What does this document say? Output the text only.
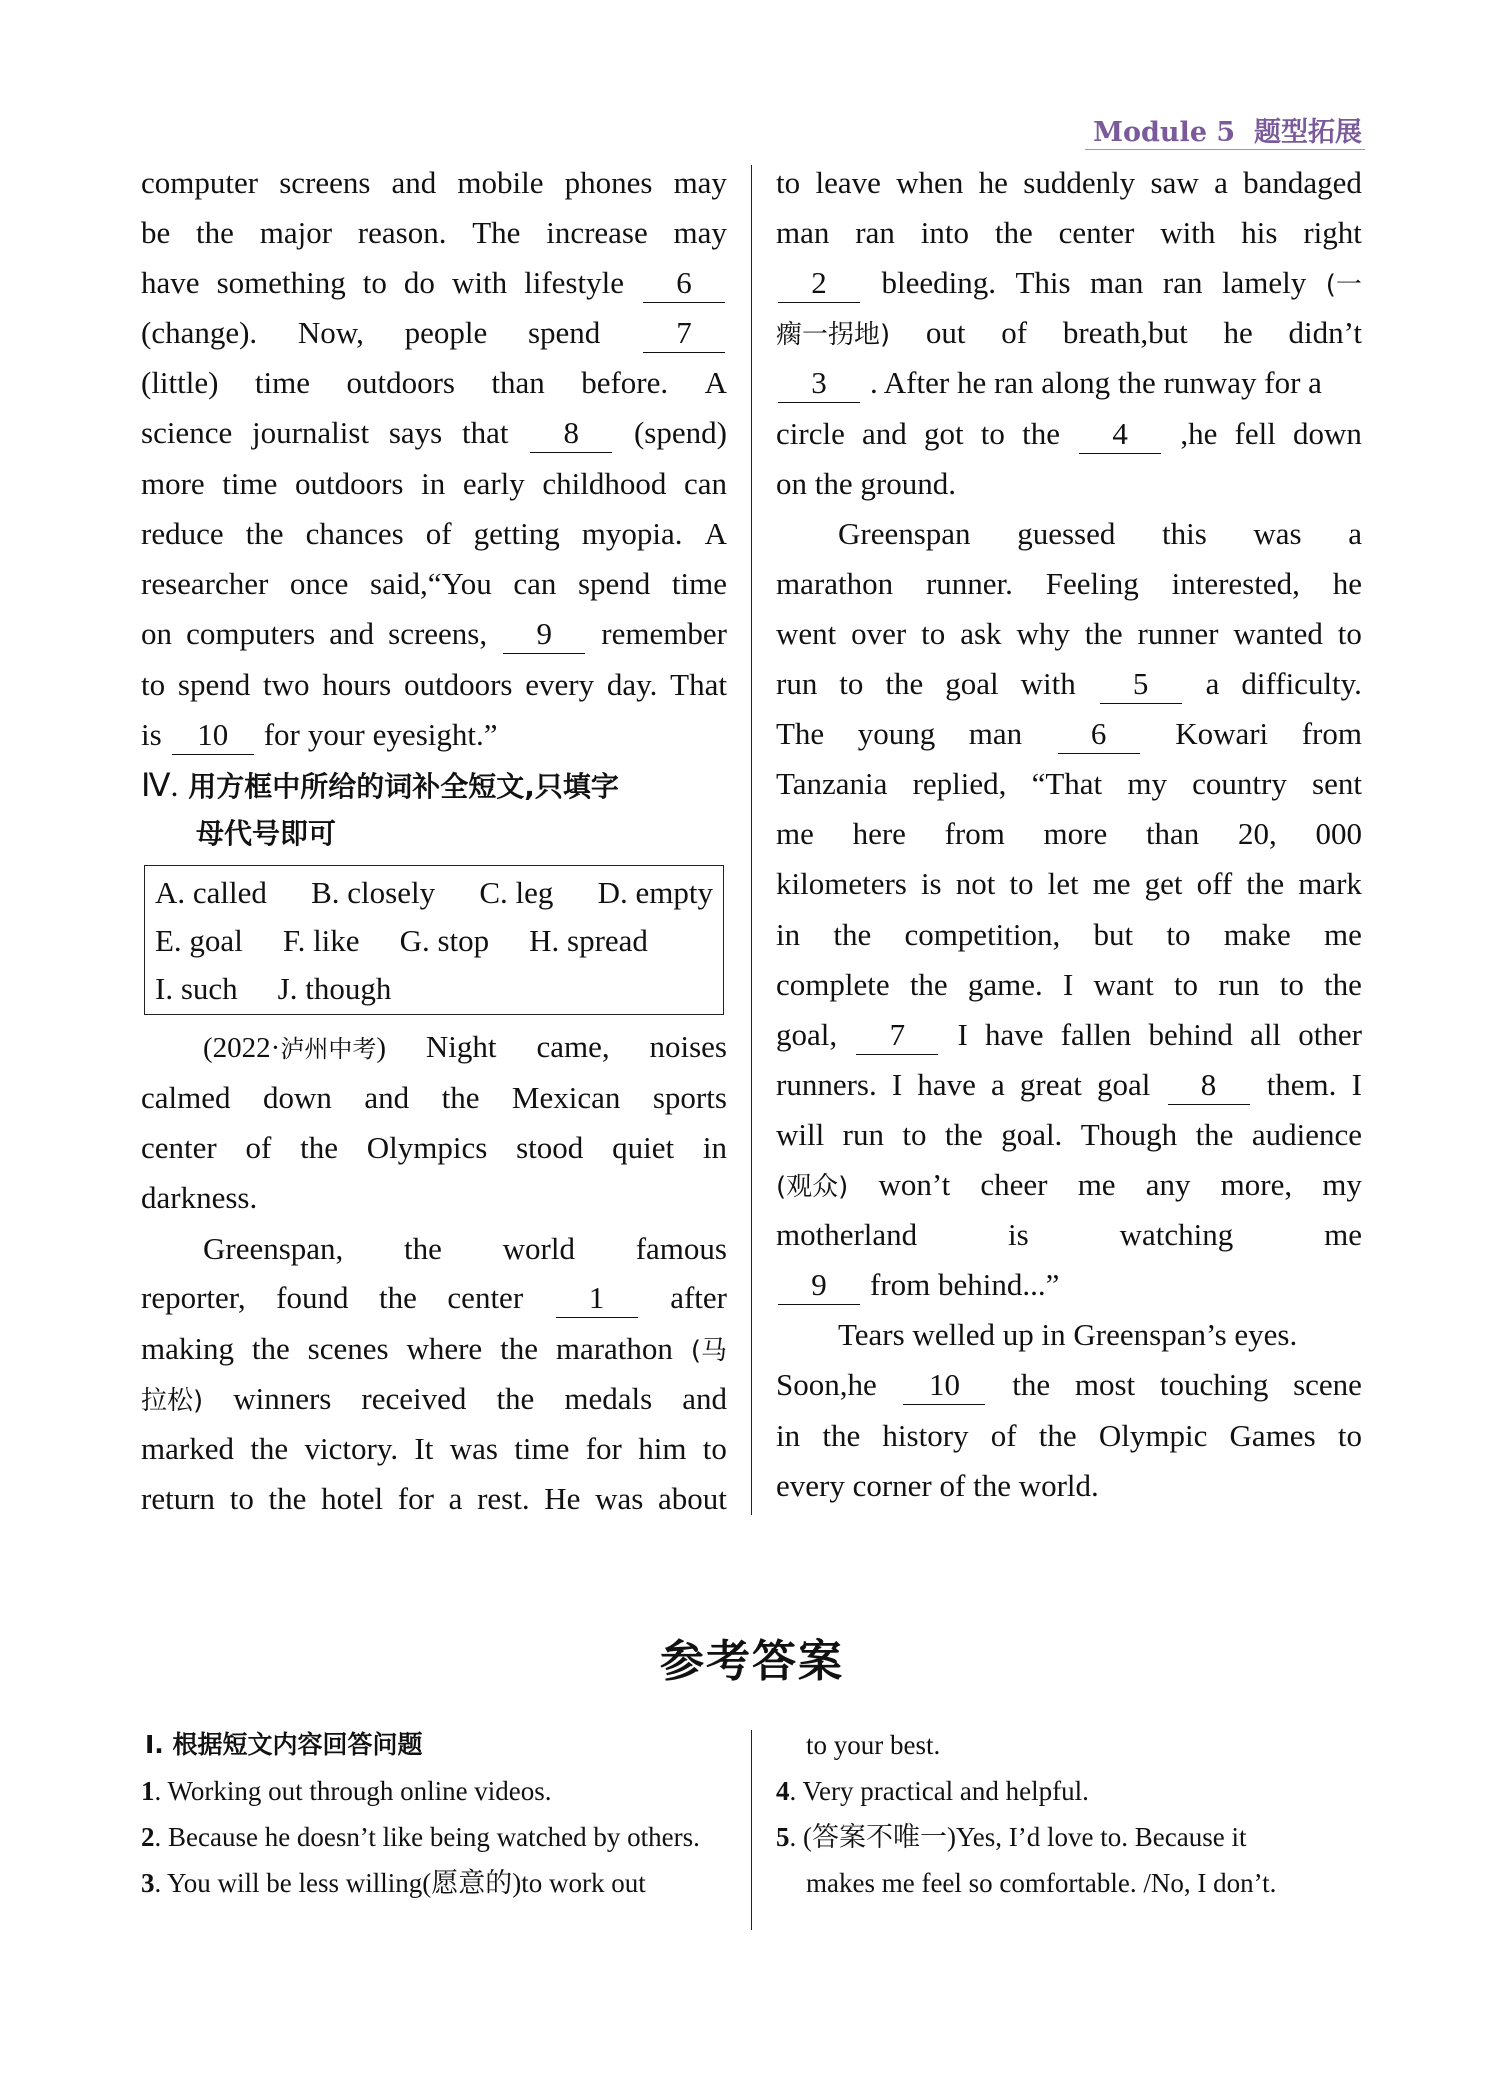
Module 5 题型拓展
computer screens and mobile phones may
be the major reason. The increase may
have something to do with lifestyle	6
(change). Now, people spend	7
(little) time outdoors than before. A
science journalist says that	8	(spend)
more time outdoors in early childhood can
reduce the chances of getting myopia. A
researcher once said,“You can spend time
on computers and screens,	9	remember
to spend two hours outdoors every day. That
is	10	for your eyesight.”
(2022·泸州中考) Night came, noises
calmed down and the Mexican sports
center of the Olympics stood quiet in
darkness.
Greenspan, the world famous
reporter, found the center	1	after
making the scenes where the marathon (马
拉松) winners received the medals and
marked the victory. It was time for him to
return to the hotel for a rest. He was about
Ⅳ. 用方框中所给的词补全短文,只填字
母代号即可
A. called B. closely C. leg D. empty
E. goal F. like G. stop H. spread
I. such J. though
to leave when he suddenly saw a bandaged
man ran into the center with his right
2	bleeding. This man ran lamely (一
瘸一拐地) out of breath,but he didn’t
3	. After he ran along the runway for a
circle and got to the	4	,he fell down
on the ground.
Greenspan guessed this was a
marathon runner. Feeling interested, he
went over to ask why the runner wanted to
run to the goal with	5	a difficulty.
The young man	6	Kowari from
Tanzania replied, “That my country sent
me here from more than 20, 000
kilometers is not to let me get off the mark
in the competition, but to make me
complete the game. I want to run to the
goal,	7	I have fallen behind all other
runners. I have a great goal	8	them. I
will run to the goal. Though the audience
(观众) won’t cheer me any more, my
motherland	is	watching	me
9	from behind...”
Tears welled up in Greenspan’s eyes.
Soon,he	10	the most touching scene
in the history of the Olympic Games to
every corner of the world.
参考答案
Ⅰ. 根据短文内容回答问题
1. Working out through online videos.
2. Because he doesn’t like being watched by others.
3. You will be less willing(愿意的)to work out
to your best.
4. Very practical and helpful.
5. (答案不唯一)Yes, I’d love to. Because it
makes me feel so comfortable. /No, I don’t.
